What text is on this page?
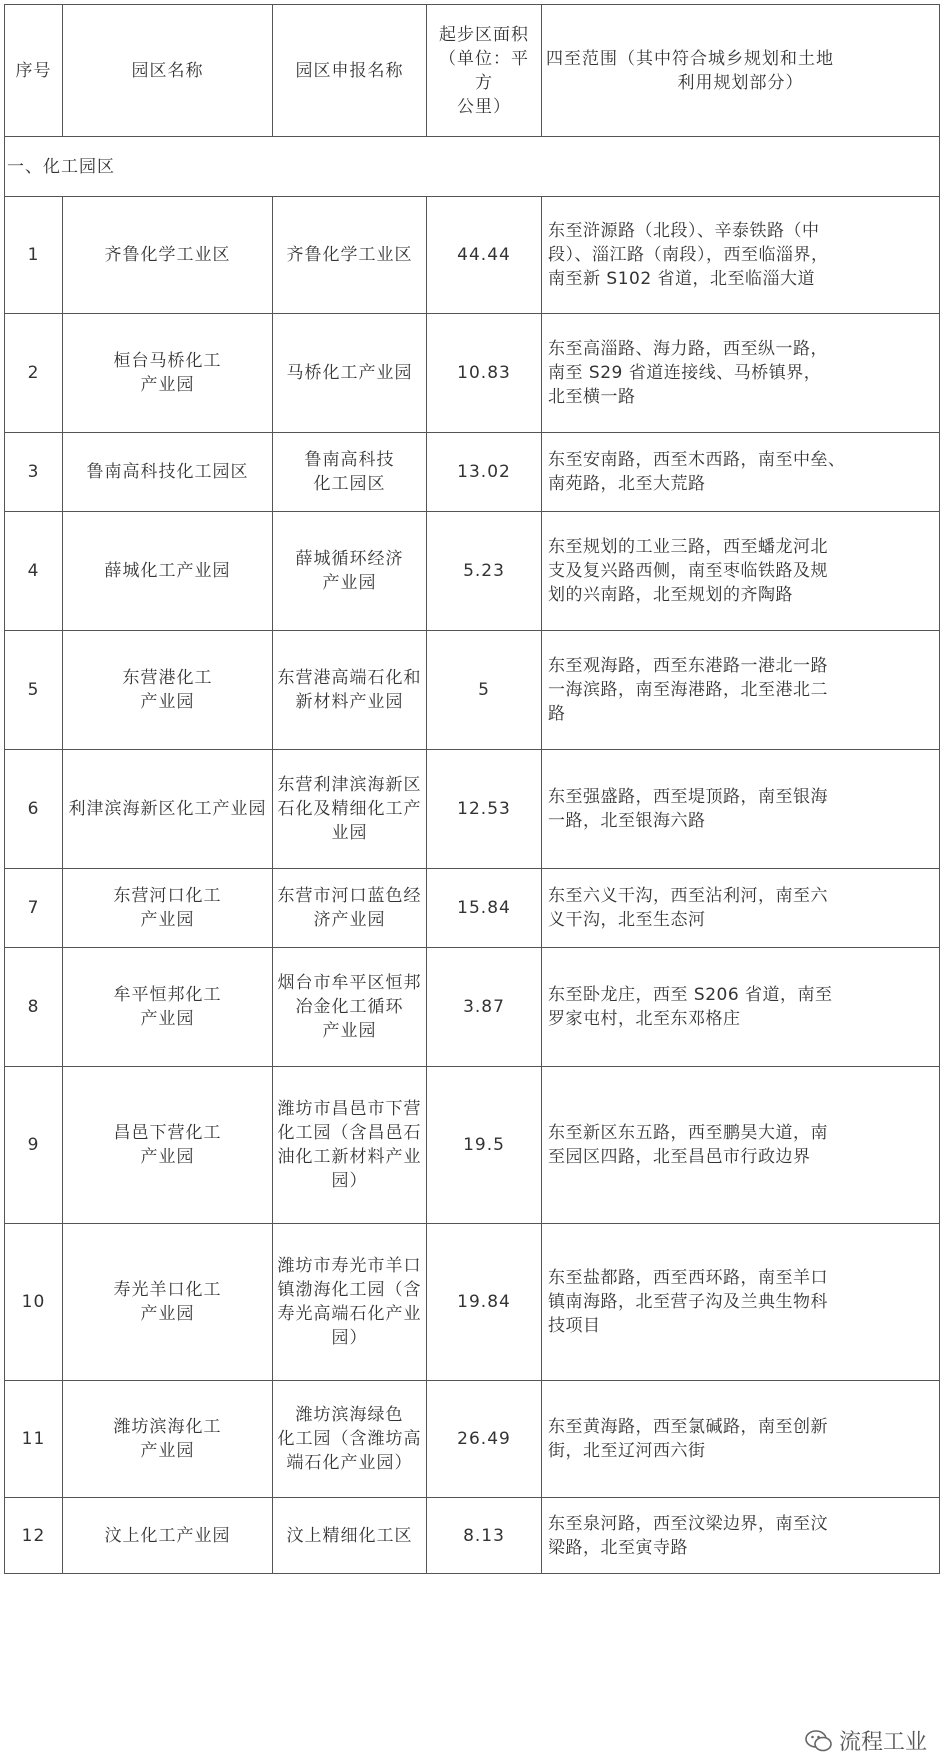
序号	园区名称	园区申报名称	起步区面积
（单位：平方
公里）	四至范围（其中符合城乡规划和土地
利用规划部分）

一、化工园区				
1	齐鲁化学工业区	齐鲁化学工业区	44.44	东至浒源路（北段）、辛泰铁路（中
段）、淄江路（南段），西至临淄界，
南至新 S102 省道，北至临淄大道

2	桓台马桥化工
产业园	马桥化工产业园	10.83	东至高淄路、海力路，西至纵一路，
南至 S29 省道连接线、马桥镇界，
北至横一路

3	鲁南高科技化工园区	鲁南高科技
化工园区	13.02	东至安南路，西至木西路，南至中垒、
南苑路，北至大荒路

4	薛城化工产业园	薛城循环经济
产业园	5.23	东至规划的工业三路，西至蟠龙河北
支及复兴路西侧，南至枣临铁路及规
划的兴南路，北至规划的齐陶路

5	东营港化工
产业园	东营港高端石化和
新材料产业园	5	东至观海路，西至东港路一港北一路
一海滨路，南至海港路，北至港北二
路

6	利津滨海新区化工产业园	东营利津滨海新区
石化及精细化工产
业园	12.53	东至强盛路，西至堤顶路，南至银海
一路，北至银海六路

7	东营河口化工
产业园	东营市河口蓝色经
济产业园	15.84	东至六义干沟，西至沾利河，南至六
义干沟，北至生态河

8	牟平恒邦化工
产业园	烟台市牟平区恒邦
冶金化工循环
产业园	3.87	东至卧龙庄，西至 S206 省道，南至
罗家屯村，北至东邓格庄

9	昌邑下营化工
产业园	潍坊市昌邑市下营
化工园（含昌邑石
油化工新材料产业
园）	19.5	东至新区东五路，西至鹏昊大道，南
至园区四路，北至昌邑市行政边界

10	寿光羊口化工
产业园	潍坊市寿光市羊口
镇渤海化工园（含
寿光高端石化产业
园）	19.84	东至盐都路，西至西环路，南至羊口
镇南海路，北至营子沟及兰典生物科
技项目

11	潍坊滨海化工
产业园	潍坊滨海绿色
化工园（含潍坊高
端石化产业园）	26.49	东至黄海路，西至氯碱路，南至创新
街，北至辽河西六街

12	汶上化工产业园	汶上精细化工区	8.13	东至泉河路，西至汶梁边界，南至汶
梁路，北至寅寺路
流程工业
